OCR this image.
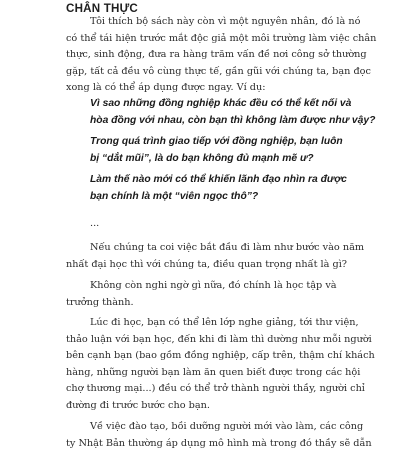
CHÂN THỰC

Tôi thích bộ sách này còn vì một nguyên nhân, đó là nó
có thể tái hiện trước mắt độc giả một môi trường làm việc chân
thực, sinh động, đưa ra hàng trăm vấn đề nơi công sở thường
gặp, tất cả đều vô cùng thực tế, gần gũi với chúng ta, bạn đọc
xong là có thể áp dụng được ngay. Ví dụ:

Vì sao những đồng nghiệp khác đều có thể kết nối và
hòa đồng với nhau, còn bạn thì không làm được như vậy?

Trong quá trình giao tiếp với đồng nghiệp, bạn luôn
bị “dắt mũi”, là do bạn không đủ mạnh mẽ ư?

Làm thế nào mới có thể khiến lãnh đạo nhìn ra được
bạn chính là một “viên ngọc thô”?

...

Nếu chúng ta coi việc bắt đầu đi làm như bước vào năm
nhất đại học thì với chúng ta, điều quan trọng nhất là gì?

Không còn nghi ngờ gì nữa, đó chính là học tập và
trưởng thành.

Lúc đi học, bạn có thể lên lớp nghe giảng, tới thư viện,
thảo luận với bạn học, đến khi đi làm thì dường như mỗi người
bên cạnh bạn (bao gồm đồng nghiệp, cấp trên, thậm chí khách
hàng, những người bạn làm ăn quen biết được trong các hội
chợ thương mại...) đều có thể trở thành người thầy, người chỉ
đường đi trước bước cho bạn.

Về việc đào tạo, bồi dưỡng người mới vào làm, các công
ty Nhật Bản thường áp dụng mô hình mà trong đó thầy sẽ dẫn
